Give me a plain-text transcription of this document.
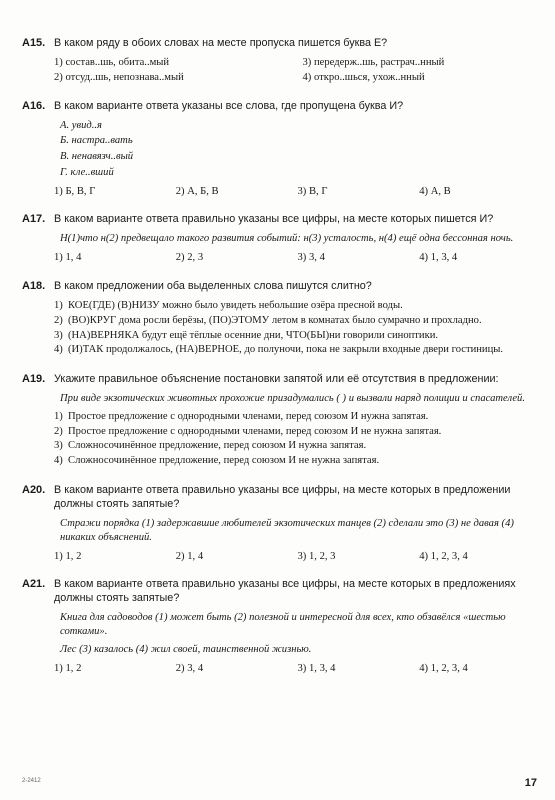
A15. В каком ряду в обоих словах на месте пропуска пишется буква Е?
1) состав..шь, обита..мый	3) передерж..шь, растрач..нный
2) отсуд..шь, непознава..мый	4) откро..шься, ухож..нный
A16. В каком варианте ответа указаны все слова, где пропущена буква И?
А. увид..я
Б. настра..вать
В. ненавязч..вый
Г. кле..вший
1) Б, В, Г	2) А, Б, В	3) В, Г	4) А, В
A17. В каком варианте ответа правильно указаны все цифры, на месте которых пишется И?
Н(1)что н(2) предвещало такого развития событий: н(3) усталость, н(4) ещё одна бессонная ночь.
1) 1, 4	2) 2, 3	3) 3, 4	4) 1, 3, 4
A18. В каком предложении оба выделенных слова пишутся слитно?
1) КОЕ(ГДЕ) (В)НИЗУ можно было увидеть небольшие озёра пресной воды.
2) (ВО)КРУГ дома росли берёзы, (ПО)ЭТОМУ летом в комнатах было сумрачно и прохладно.
3) (НА)ВЕРНЯКА будут ещё тёплые осенние дни, ЧТО(БЫ)ни говорили синоптики.
4) (И)ТАК продолжалось, (НА)ВЕРНОЕ, до полуночи, пока не закрыли входные двери гостиницы.
A19. Укажите правильное объяснение постановки запятой или её отсутствия в предложении:
При виде экзотических животных прохожие призадумались ( ) и вызвали наряд полиции и спасателей.
1) Простое предложение с однородными членами, перед союзом И нужна запятая.
2) Простое предложение с однородными членами, перед союзом И не нужна запятая.
3) Сложносочинённое предложение, перед союзом И нужна запятая.
4) Сложносочинённое предложение, перед союзом И не нужна запятая.
A20. В каком варианте ответа правильно указаны все цифры, на месте которых в предложении должны стоять запятые?
Стражи порядка (1) задержавшие любителей экзотических танцев (2) сделали это (3) не давая (4) никаких объяснений.
1) 1, 2	2) 1, 4	3) 1, 2, 3	4) 1, 2, 3, 4
A21. В каком варианте ответа правильно указаны все цифры, на месте которых в предложениях должны стоять запятые?
Книга для садоводов (1) может быть (2) полезной и интересной для всех, кто обзавёлся «шестью сотками».
Лес (3) казалось (4) жил своей, таинственной жизнью.
1) 1, 2	2) 3, 4	3) 1, 3, 4	4) 1, 2, 3, 4
2-2412	17
